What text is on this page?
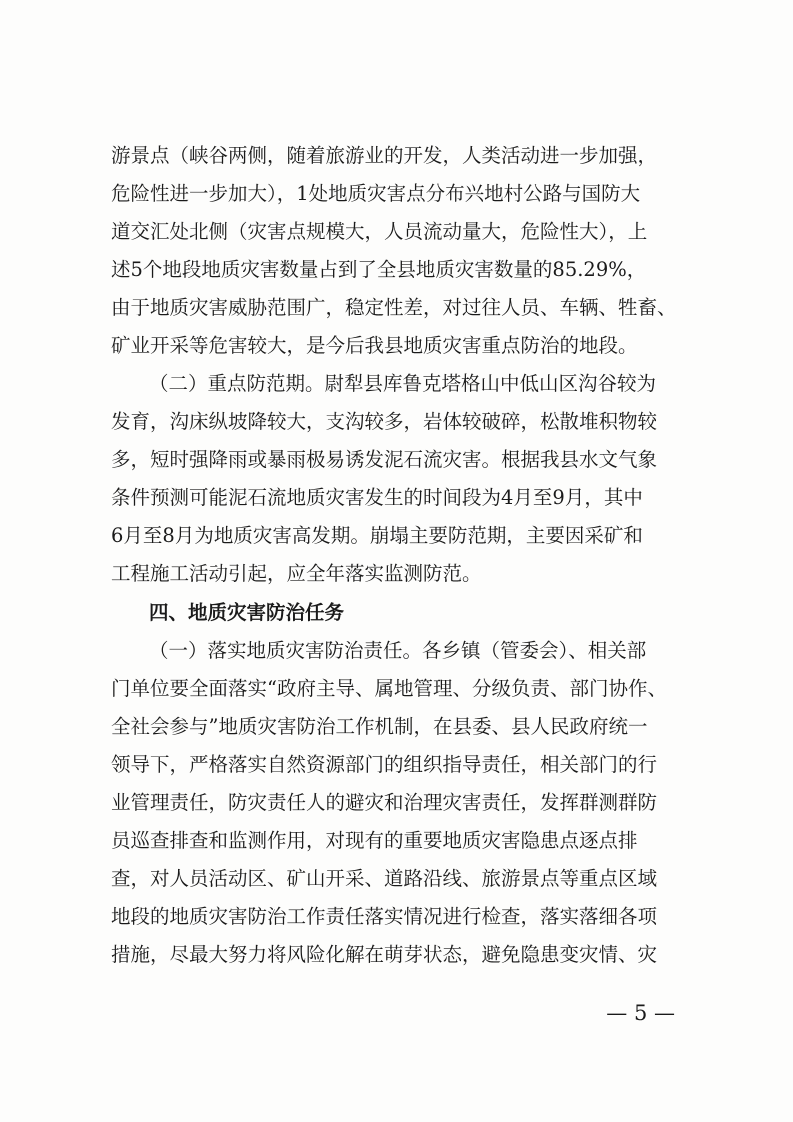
游景点（峡谷两侧，随着旅游业的开发，人类活动进一步加强，
危险性进一步加大），1处地质灾害点分布兴地村公路与国防大
道交汇处北侧（灾害点规模大，人员流动量大，危险性大），上
述5个地段地质灾害数量占到了全县地质灾害数量的85.29%，
由于地质灾害威胁范围广，稳定性差，对过往人员、车辆、牲畜、
矿业开采等危害较大，是今后我县地质灾害重点防治的地段。
（二）重点防范期。尉犁县库鲁克塔格山中低山区沟谷较为
发育，沟床纵坡降较大，支沟较多，岩体较破碎，松散堆积物较
多，短时强降雨或暴雨极易诱发泥石流灾害。根据我县水文气象
条件预测可能泥石流地质灾害发生的时间段为4月至9月，其中
6月至8月为地质灾害高发期。崩塌主要防范期，主要因采矿和
工程施工活动引起，应全年落实监测防范。
四、地质灾害防治任务
（一）落实地质灾害防治责任。各乡镇（管委会）、相关部
门单位要全面落实“政府主导、属地管理、分级负责、部门协作、
全社会参与”地质灾害防治工作机制，在县委、县人民政府统一
领导下，严格落实自然资源部门的组织指导责任，相关部门的行
业管理责任，防灾责任人的避灾和治理灾害责任，发挥群测群防
员巡查排查和监测作用，对现有的重要地质灾害隐患点逐点排
查，对人员活动区、矿山开采、道路沿线、旅游景点等重点区域
地段的地质灾害防治工作责任落实情况进行检查，落实落细各项
措施，尽最大努力将风险化解在萌芽状态，避免隐患变灾情、灾
— 5 —
